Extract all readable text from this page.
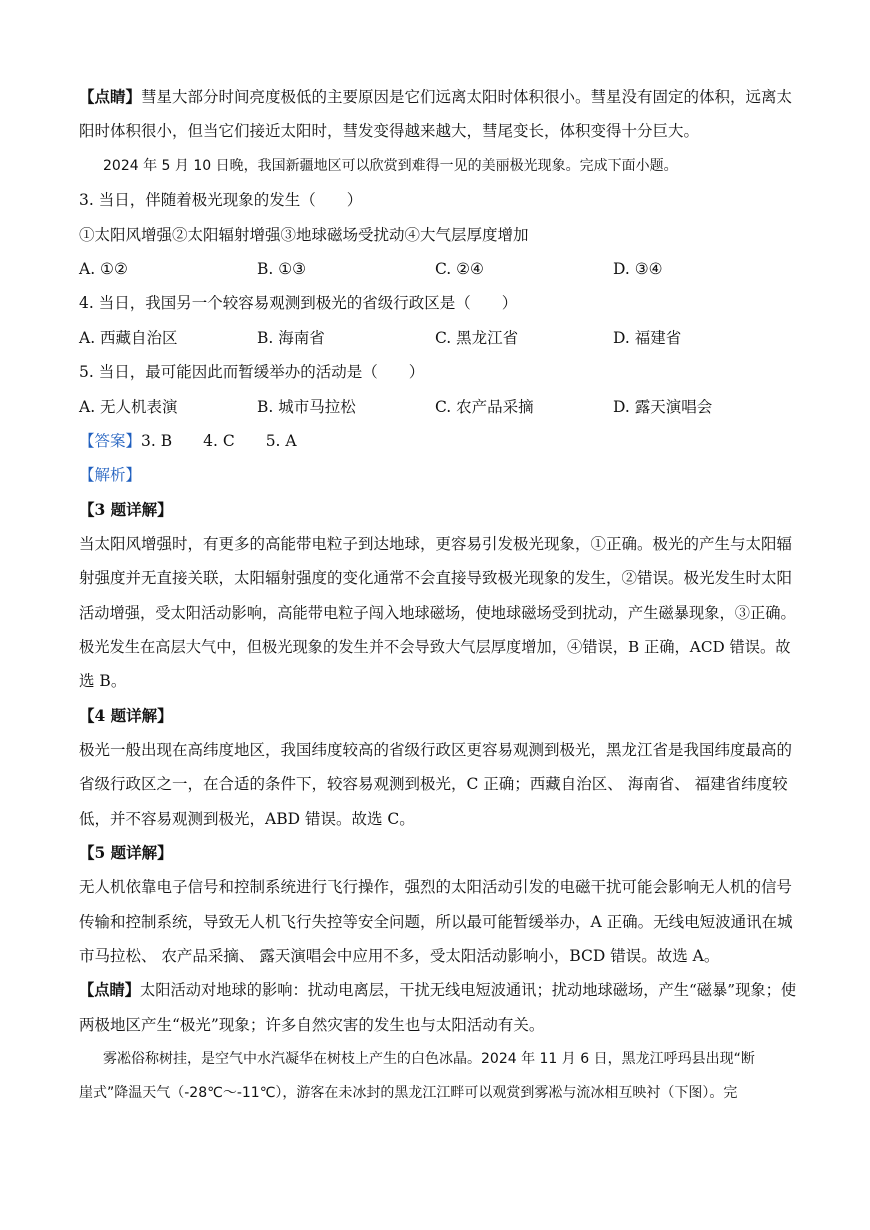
【点睛】彗星大部分时间亮度极低的主要原因是它们远离太阳时体积很小。彗星没有固定的体积，远离太
阳时体积很小，但当它们接近太阳时，彗发变得越来越大，彗尾变长，体积变得十分巨大。
2024 年 5 月 10 日晚，我国新疆地区可以欣赏到难得一见的美丽极光现象。完成下面小题。
3. 当日，伴随着极光现象的发生（　　）
①太阳风增强②太阳辐射增强③地球磁场受扰动④大气层厚度增加
A. ①②	B. ①③	C. ②④	D. ③④
4. 当日，我国另一个较容易观测到极光的省级行政区是（　　）
A. 西藏自治区	B. 海南省	C. 黑龙江省	D. 福建省
5. 当日，最可能因此而暂缓举办的活动是（　　）
A. 无人机表演	B. 城市马拉松	C. 农产品采摘	D. 露天演唱会
【答案】3. B　　4. C　　5. A
【解析】
【3 题详解】
当太阳风增强时，有更多的高能带电粒子到达地球，更容易引发极光现象，①正确。极光的产生与太阳辐
射强度并无直接关联，太阳辐射强度的变化通常不会直接导致极光现象的发生，②错误。极光发生时太阳
活动增强，受太阳活动影响，高能带电粒子闯入地球磁场，使地球磁场受到扰动，产生磁暴现象，③正确。
极光发生在高层大气中，但极光现象的发生并不会导致大气层厚度增加，④错误，B 正确，ACD 错误。故
选 B。
【4 题详解】
极光一般出现在高纬度地区，我国纬度较高的省级行政区更容易观测到极光，黑龙江省是我国纬度最高的
省级行政区之一，在合适的条件下，较容易观测到极光，C 正确；西藏自治区、 海南省、 福建省纬度较
低，并不容易观测到极光，ABD 错误。故选 C。
【5 题详解】
无人机依靠电子信号和控制系统进行飞行操作，强烈的太阳活动引发的电磁干扰可能会影响无人机的信号
传输和控制系统，导致无人机飞行失控等安全问题，所以最可能暂缓举办，A 正确。无线电短波通讯在城
市马拉松、 农产品采摘、 露天演唱会中应用不多，受太阳活动影响小，BCD 错误。故选 A。
【点睛】太阳活动对地球的影响：扰动电离层，干扰无线电短波通讯；扰动地球磁场，产生“磁暴”现象；使
两极地区产生“极光”现象；许多自然灾害的发生也与太阳活动有关。
雾凇俗称树挂，是空气中水汽凝华在树枝上产生的白色冰晶。2024 年 11 月 6 日，黑龙江呼玛县出现“断
崖式”降温天气（-28℃～-11℃），游客在未冰封的黑龙江江畔可以观赏到雾凇与流冰相互映衬（下图）。完
